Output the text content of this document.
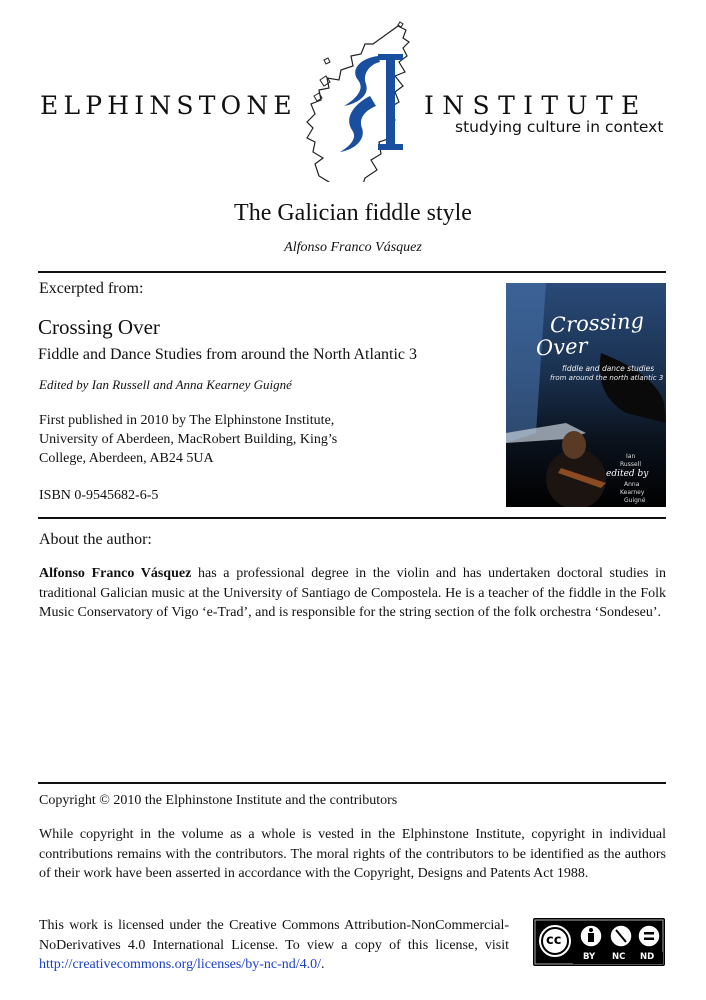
ELPHINSTONE	INSTITUTE
studying culture in context
The Galician fiddle style
Alfonso Franco Vásquez
Excerpted from:
Crossing Over
Fiddle and Dance Studies from around the North Atlantic 3
Edited by Ian Russell and Anna Kearney Guigné
First published in 2010 by The Elphinstone Institute, University of Aberdeen, MacRobert Building, King’s College, Aberdeen, AB24 5UA
ISBN 0-9545682-6-5
Crossing
Over
fiddle and dance studies
from around the north atlantic 3
Ian
Russell
edited by
Anna
Kearney
Guigné
About the author:
Alfonso Franco Vásquez has a professional degree in the violin and has undertaken doctoral studies in traditional Galician music at the University of Santiago de Compostela. He is a teacher of the fiddle in the Folk Music Conservatory of Vigo ‘e-Trad’, and is responsible for the string section of the folk orchestra ‘Sondeseu’.
Copyright © 2010 the Elphinstone Institute and the contributors
While copyright in the volume as a whole is vested in the Elphinstone Institute, copyright in individual contributions remains with the contributors. The moral rights of the contributors to be identified as the authors of their work have been asserted in accordance with the Copyright, Designs and Patents Act 1988.
This work is licensed under the Creative Commons Attribution-NonCommercial-NoDerivatives 4.0 International License. To view a copy of this license, visit http://creativecommons.org/licenses/by-nc-nd/4.0/.
cc
BY NC ND
